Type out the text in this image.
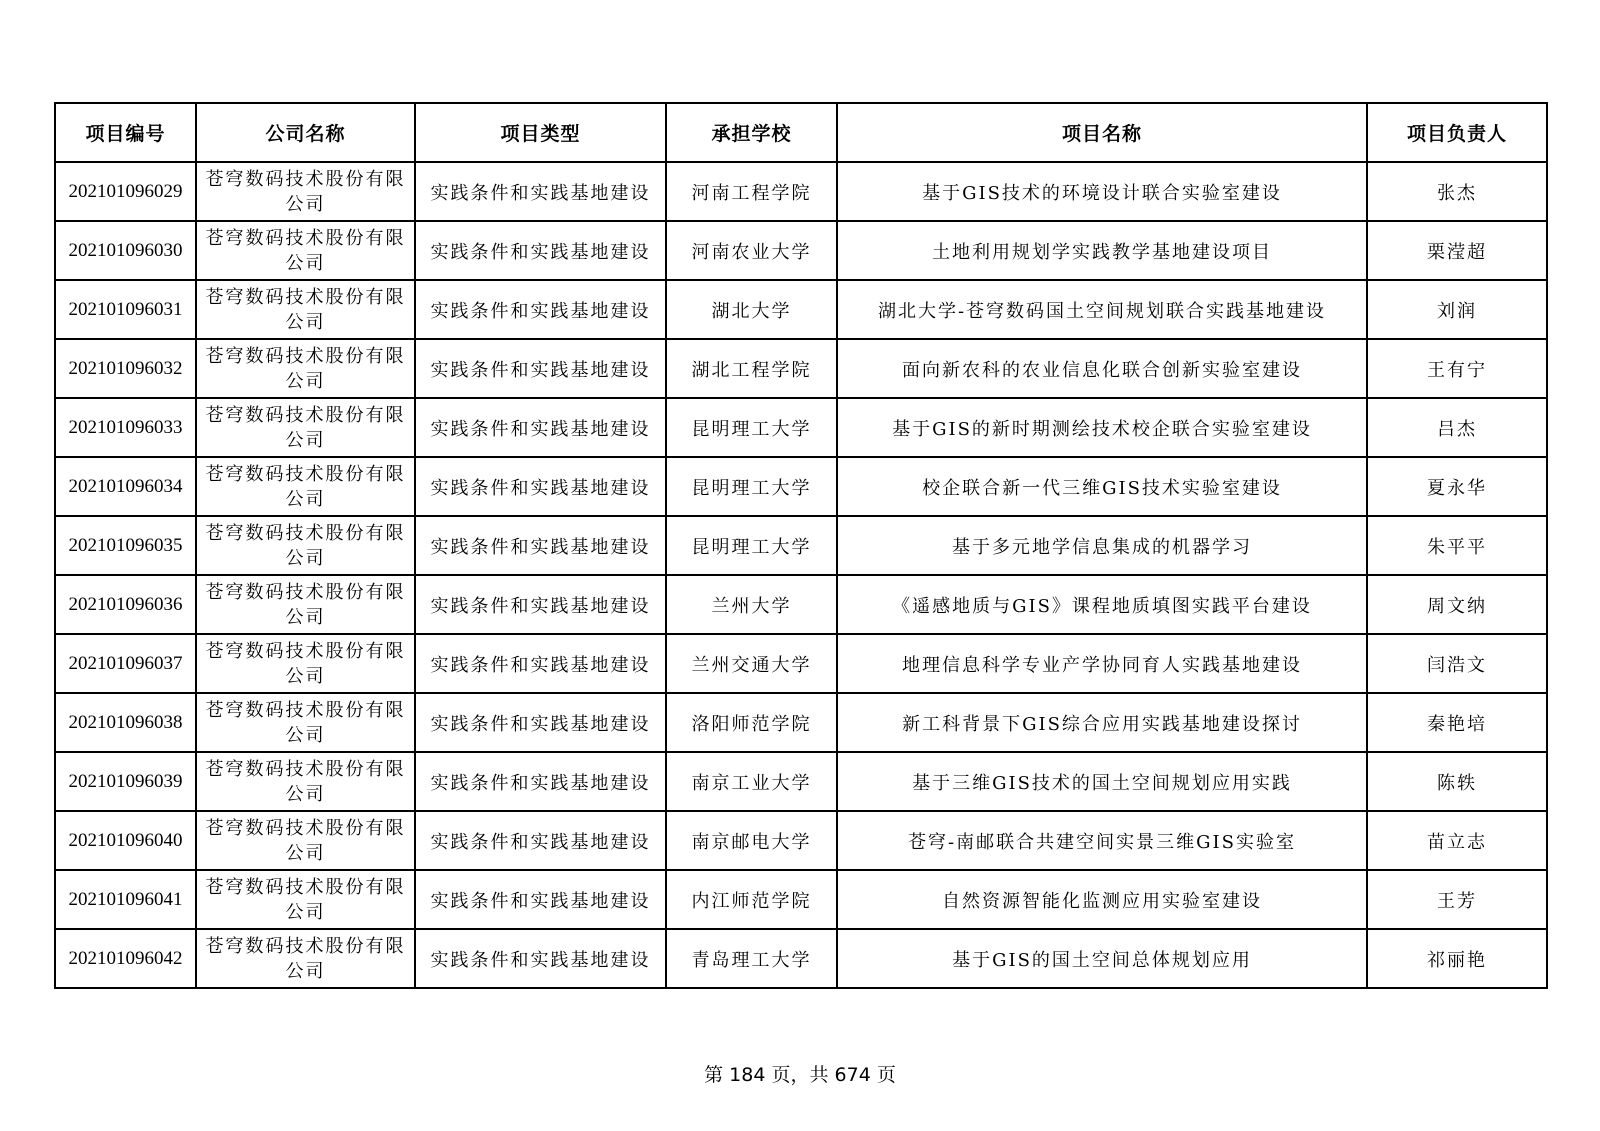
项目编号	公司名称	项目类型	承担学校	项目名称	项目负责人
202101096029	苍穹数码技术股份有限公司	实践条件和实践基地建设	河南工程学院	基于GIS技术的环境设计联合实验室建设	张杰
202101096030	苍穹数码技术股份有限公司	实践条件和实践基地建设	河南农业大学	土地利用规划学实践教学基地建设项目	栗滢超
202101096031	苍穹数码技术股份有限公司	实践条件和实践基地建设	湖北大学	湖北大学-苍穹数码国土空间规划联合实践基地建设	刘润
202101096032	苍穹数码技术股份有限公司	实践条件和实践基地建设	湖北工程学院	面向新农科的农业信息化联合创新实验室建设	王有宁
202101096033	苍穹数码技术股份有限公司	实践条件和实践基地建设	昆明理工大学	基于GIS的新时期测绘技术校企联合实验室建设	吕杰
202101096034	苍穹数码技术股份有限公司	实践条件和实践基地建设	昆明理工大学	校企联合新一代三维GIS技术实验室建设	夏永华
202101096035	苍穹数码技术股份有限公司	实践条件和实践基地建设	昆明理工大学	基于多元地学信息集成的机器学习	朱平平
202101096036	苍穹数码技术股份有限公司	实践条件和实践基地建设	兰州大学	《遥感地质与GIS》课程地质填图实践平台建设	周文纳
202101096037	苍穹数码技术股份有限公司	实践条件和实践基地建设	兰州交通大学	地理信息科学专业产学协同育人实践基地建设	闫浩文
202101096038	苍穹数码技术股份有限公司	实践条件和实践基地建设	洛阳师范学院	新工科背景下GIS综合应用实践基地建设探讨	秦艳培
202101096039	苍穹数码技术股份有限公司	实践条件和实践基地建设	南京工业大学	基于三维GIS技术的国土空间规划应用实践	陈轶
202101096040	苍穹数码技术股份有限公司	实践条件和实践基地建设	南京邮电大学	苍穹-南邮联合共建空间实景三维GIS实验室	苗立志
202101096041	苍穹数码技术股份有限公司	实践条件和实践基地建设	内江师范学院	自然资源智能化监测应用实验室建设	王芳
202101096042	苍穹数码技术股份有限公司	实践条件和实践基地建设	青岛理工大学	基于GIS的国土空间总体规划应用	祁丽艳
第 184 页，共 674 页
